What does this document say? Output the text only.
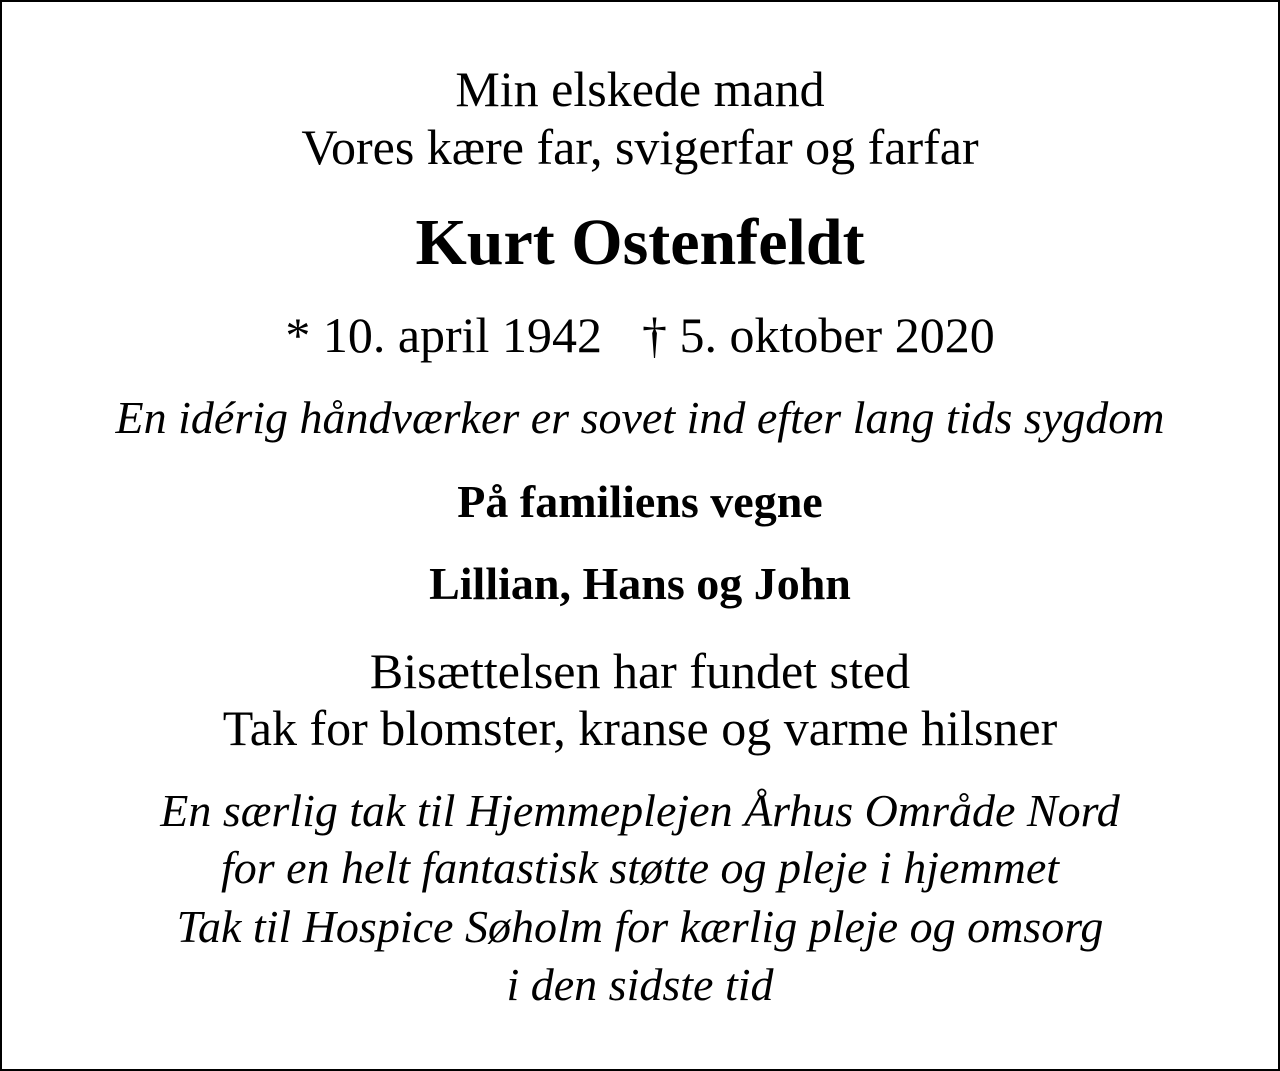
Min elskede mand
Vores kære far, svigerfar og farfar
Kurt Ostenfeldt
* 10. april 1942 † 5. oktober 2020
En idérig håndværker er sovet ind efter lang tids sygdom
På familiens vegne
Lillian, Hans og John
Bisættelsen har fundet sted
Tak for blomster, kranse og varme hilsner
En særlig tak til Hjemmeplejen Århus Område Nord
for en helt fantastisk støtte og pleje i hjemmet
Tak til Hospice Søholm for kærlig pleje og omsorg
i den sidste tid
